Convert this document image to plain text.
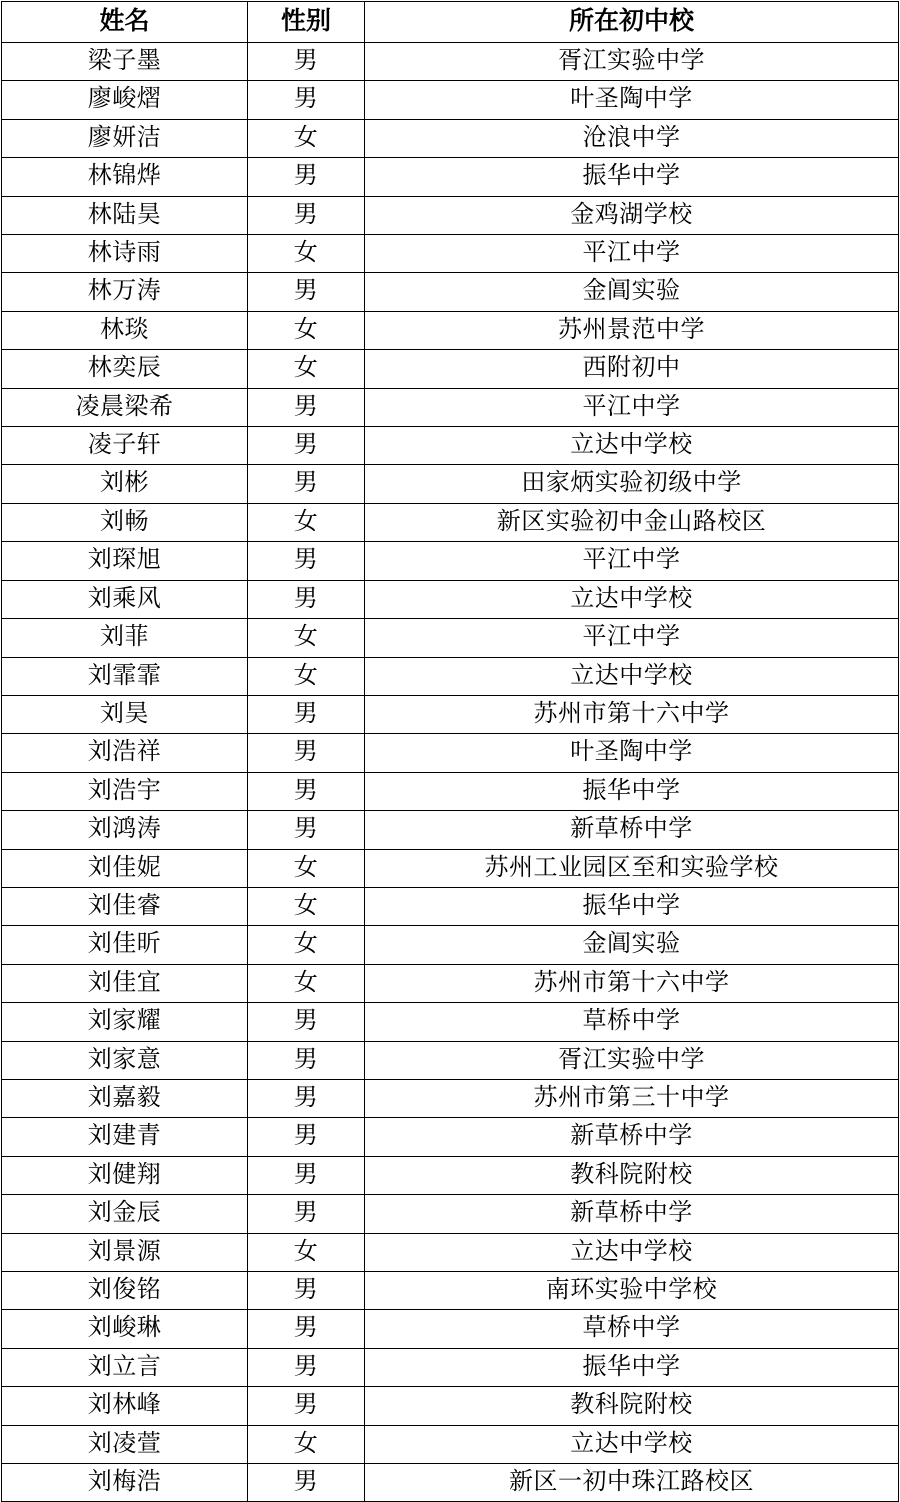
姓名	性别	所在初中校
梁子墨	男	胥江实验中学
廖峻熠	男	叶圣陶中学
廖妍洁	女	沧浪中学
林锦烨	男	振华中学
林陆昊	男	金鸡湖学校
林诗雨	女	平江中学
林万涛	男	金阊实验
林琰	女	苏州景范中学
林奕辰	女	西附初中
凌晨梁希	男	平江中学
凌子轩	男	立达中学校
刘彬	男	田家炳实验初级中学
刘畅	女	新区实验初中金山路校区
刘琛旭	男	平江中学
刘乘风	男	立达中学校
刘菲	女	平江中学
刘霏霏	女	立达中学校
刘昊	男	苏州市第十六中学
刘浩祥	男	叶圣陶中学
刘浩宇	男	振华中学
刘鸿涛	男	新草桥中学
刘佳妮	女	苏州工业园区至和实验学校
刘佳睿	女	振华中学
刘佳昕	女	金阊实验
刘佳宜	女	苏州市第十六中学
刘家耀	男	草桥中学
刘家意	男	胥江实验中学
刘嘉毅	男	苏州市第三十中学
刘建青	男	新草桥中学
刘健翔	男	教科院附校
刘金辰	男	新草桥中学
刘景源	女	立达中学校
刘俊铭	男	南环实验中学校
刘峻琳	男	草桥中学
刘立言	男	振华中学
刘林峰	男	教科院附校
刘凌萱	女	立达中学校
刘梅浩	男	新区一初中珠江路校区
